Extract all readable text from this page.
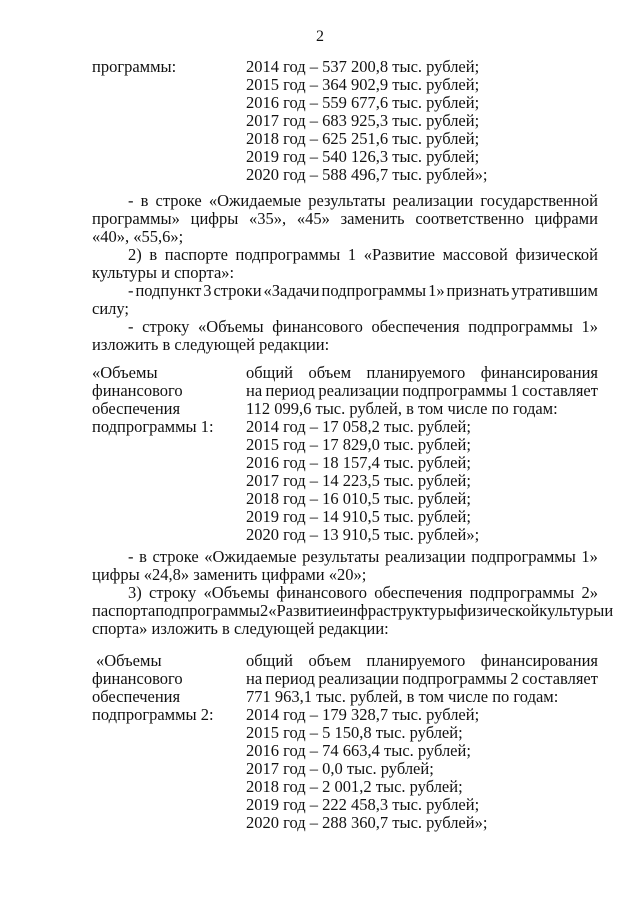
2
программы:	2014 год – 537 200,8 тыс. рублей;
2015 год – 364 902,9 тыс. рублей;
2016 год – 559 677,6 тыс. рублей;
2017 год – 683 925,3 тыс. рублей;
2018 год – 625 251,6 тыс. рублей;
2019 год – 540 126,3 тыс. рублей;
2020 год – 588 496,7 тыс. рублей»;
- в строке «Ожидаемые результаты реализации государственной
программы» цифры «35», «45» заменить соответственно цифрами
«40», «55,6»;
2) в паспорте подпрограммы 1 «Развитие массовой физической
культуры и спорта»:
- подпункт 3 строки «Задачи подпрограммы 1» признать утратившим
силу;
- строку «Объемы финансового обеспечения подпрограммы 1»
изложить в следующей редакции:
«Объемы
финансового
обеспечения
подпрограммы 1:
общий объем планируемого финансирования
на период реализации подпрограммы 1 составляет
112 099,6 тыс. рублей, в том числе по годам:
2014 год – 17 058,2 тыс. рублей;
2015 год – 17 829,0 тыс. рублей;
2016 год – 18 157,4 тыс. рублей;
2017 год – 14 223,5 тыс. рублей;
2018 год – 16 010,5 тыс. рублей;
2019 год – 14 910,5 тыс. рублей;
2020 год – 13 910,5 тыс. рублей»;
- в строке «Ожидаемые результаты реализации подпрограммы 1»
цифры «24,8» заменить цифрами «20»;
3) строку «Объемы финансового обеспечения подпрограммы 2»
паспорта подпрограммы 2 «Развитие инфраструктуры физической культуры и
спорта» изложить в следующей редакции:
«Объемы
финансового
обеспечения
подпрограммы 2:
общий объем планируемого финансирования
на период реализации подпрограммы 2 составляет
771 963,1 тыс. рублей, в том числе по годам:
2014 год – 179 328,7 тыс. рублей;
2015 год – 5 150,8 тыс. рублей;
2016 год – 74 663,4 тыс. рублей;
2017 год – 0,0 тыс. рублей;
2018 год – 2 001,2 тыс. рублей;
2019 год – 222 458,3 тыс. рублей;
2020 год – 288 360,7 тыс. рублей»;
